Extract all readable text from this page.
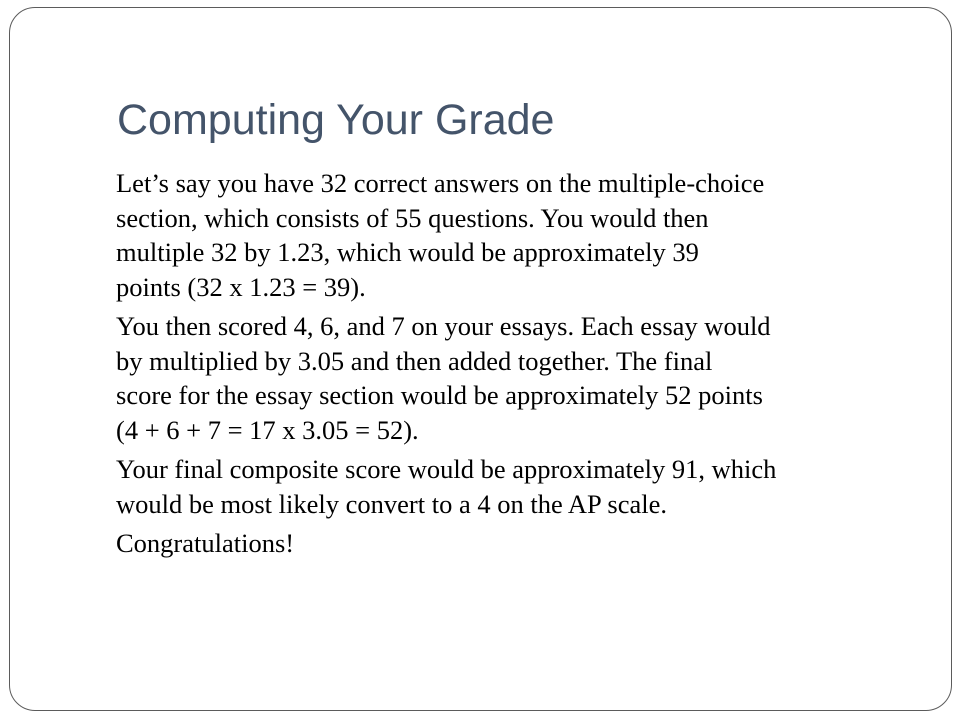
Computing Your Grade
Let’s say you have 32 correct answers on the multiple-choice
section, which consists of 55 questions. You would then
multiple 32 by 1.23, which would be approximately 39
points (32 x 1.23 = 39).
You then scored 4, 6, and 7 on your essays. Each essay would
by multiplied by 3.05 and then added together. The final
score for the essay section would be approximately 52 points
(4 + 6 + 7 = 17 x 3.05 = 52).
Your final composite score would be approximately 91, which
would be most likely convert to a 4 on the AP scale.
Congratulations!
